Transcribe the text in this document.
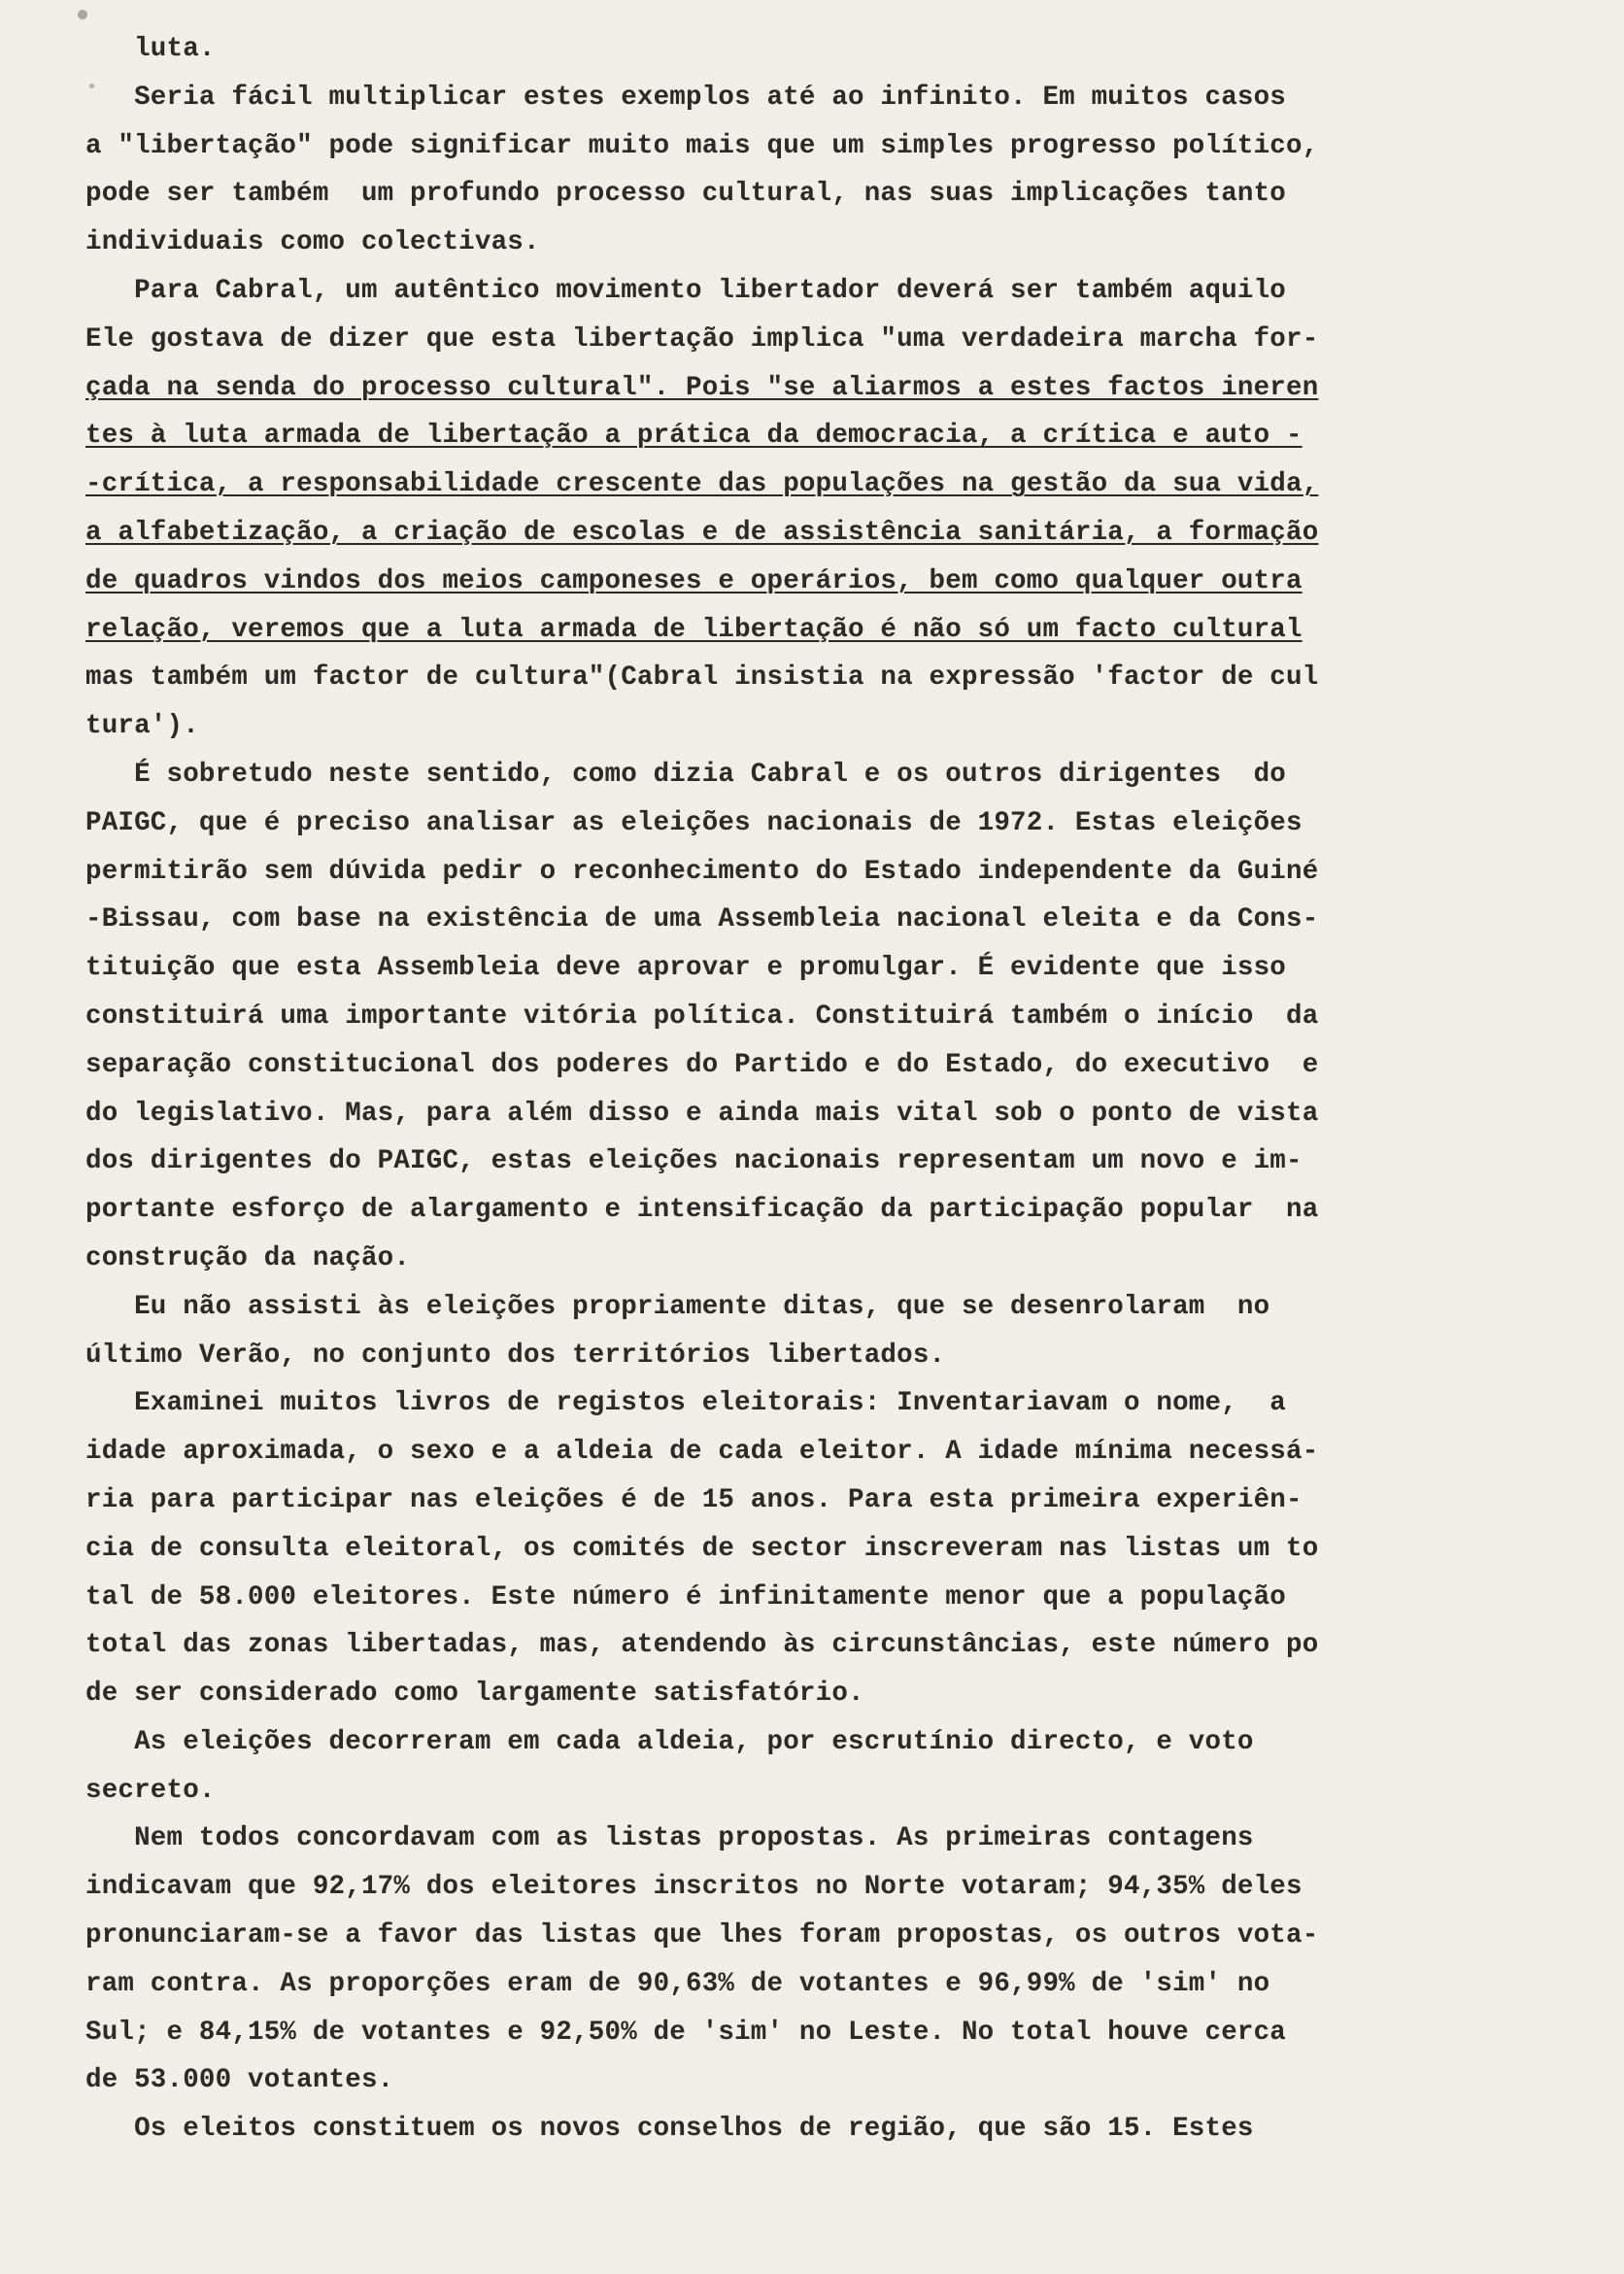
luta.
Seria fácil multiplicar estes exemplos até ao infinito. Em muitos casos
a "libertação" pode significar muito mais que um simples progresso político,
pode ser também  um profundo processo cultural, nas suas implicações tanto
individuais como colectivas.
Para Cabral, um autêntico movimento libertador deverá ser também aquilo
Ele gostava de dizer que esta libertação implica "uma verdadeira marcha for-
çada na senda do processo cultural". Pois "se aliarmos a estes factos ineren
tes à luta armada de libertação a prática da democracia, a crítica e auto -
-crítica, a responsabilidade crescente das populações na gestão da sua vida,
a alfabetização, a criação de escolas e de assistência sanitária, a formação
de quadros vindos dos meios camponeses e operários, bem como qualquer outra
relação, veremos que a luta armada de libertação é não só um facto cultural
mas também um factor de cultura"(Cabral insistia na expressão 'factor de cul
tura').
É sobretudo neste sentido, como dizia Cabral e os outros dirigentes  do
PAIGC, que é preciso analisar as eleições nacionais de 1972. Estas eleições
permitirão sem dúvida pedir o reconhecimento do Estado independente da Guiné
-Bissau, com base na existência de uma Assembleia nacional eleita e da Cons-
tituição que esta Assembleia deve aprovar e promulgar. É evidente que isso
constituirá uma importante vitória política. Constituirá também o início  da
separação constitucional dos poderes do Partido e do Estado, do executivo  e
do legislativo. Mas, para além disso e ainda mais vital sob o ponto de vista
dos dirigentes do PAIGC, estas eleições nacionais representam um novo e im-
portante esforço de alargamento e intensificação da participação popular  na
construção da nação.
Eu não assisti às eleições propriamente ditas, que se desenrolaram  no
último Verão, no conjunto dos territórios libertados.
Examinei muitos livros de registos eleitorais: Inventariavam o nome,  a
idade aproximada, o sexo e a aldeia de cada eleitor. A idade mínima necessá-
ria para participar nas eleições é de 15 anos. Para esta primeira experiên-
cia de consulta eleitoral, os comités de sector inscreveram nas listas um to
tal de 58.000 eleitores. Este número é infinitamente menor que a população
total das zonas libertadas, mas, atendendo às circunstâncias, este número po
de ser considerado como largamente satisfatório.
As eleições decorreram em cada aldeia, por escrutínio directo, e voto
secreto.
Nem todos concordavam com as listas propostas. As primeiras contagens
indicavam que 92,17% dos eleitores inscritos no Norte votaram; 94,35% deles
pronunciaram-se a favor das listas que lhes foram propostas, os outros vota-
ram contra. As proporções eram de 90,63% de votantes e 96,99% de 'sim' no
Sul; e 84,15% de votantes e 92,50% de 'sim' no Leste. No total houve cerca
de 53.000 votantes.
Os eleitos constituem os novos conselhos de região, que são 15. Estes
